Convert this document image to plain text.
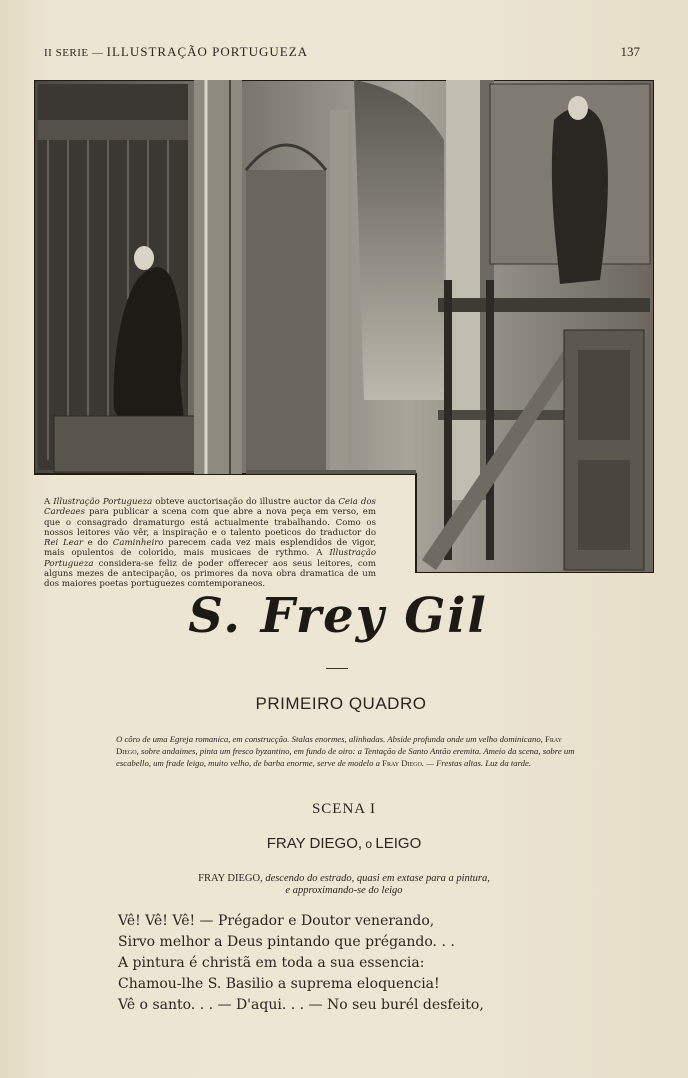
II SERIE — ILLUSTRAÇÃO PORTUGUEZA	137
A Illustração Portugueza obteve auctorisação do illustre auctor da Ceia dos Cardeaes para publicar a scena com que abre a nova peça em verso, em que o consagrado dramaturgo está actualmente trabalhando. Como os nossos leitores vão vêr, a inspiração e o talento poeticos do traductor do Rei Lear e do Caminheiro parecem cada vez mais esplendidos de vigor, mais opulentos de colorido, mais musicaes de rythmo. A Illustração Portugueza considera-se feliz de poder offerecer aos seus leitores, com alguns mezes de antecipação, os primores da nova obra dramatica de um dos maiores poetas portuguezes comtemporaneos.
S. Frey Gil
PRIMEIRO QUADRO
O côro de uma Egreja romanica, em construcção. Stalas enormes, alinhadas. Abside profunda onde um velho dominicano, Fray Diego, sobre andaimes, pinta um fresco byzantino, em fundo de oiro: a Tentação de Santo Antão eremita. Ameio da scena, sobre um escabello, um frade leigo, muito velho, de barba enorme, serve de modelo a Fray Diego. — Frestas altas. Luz da tarde.
SCENA I
FRAY DIEGO, o LEIGO
FRAY DIEGO, descendo do estrado, quasi em extase para a pintura,
e approximando-se do leigo
Vê! Vê! Vê! — Prégador e Doutor venerando,
Sirvo melhor a Deus pintando que prégando. . .
A pintura é christã em toda a sua essencia:
Chamou-lhe S. Basilio a suprema eloquencia!
Vê o santo. . . — D'aqui. . . — No seu burél desfeito,
